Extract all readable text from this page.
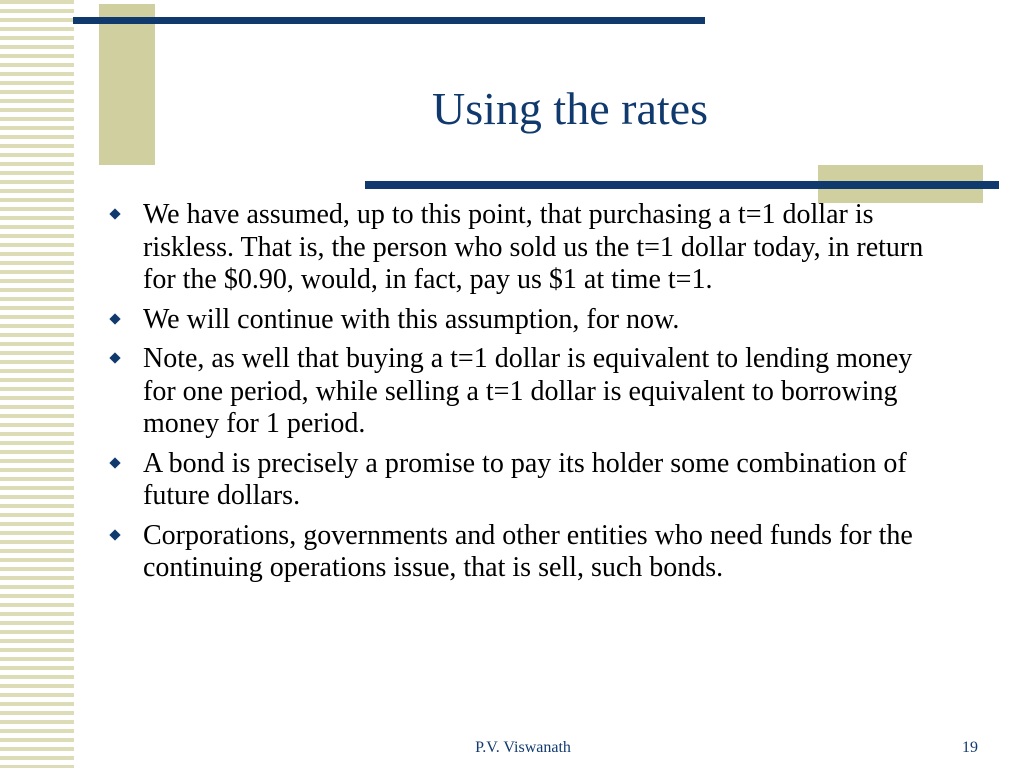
Using the rates
We have assumed, up to this point, that purchasing a t=1 dollar is riskless. That is, the person who sold us the t=1 dollar today, in return for the $0.90, would, in fact, pay us $1 at time t=1.
We will continue with this assumption, for now.
Note, as well that buying a t=1 dollar is equivalent to lending money for one period, while selling a t=1 dollar is equivalent to borrowing money for 1 period.
A bond is precisely a promise to pay its holder some combination of future dollars.
Corporations, governments and other entities who need funds for the continuing operations issue, that is sell, such bonds.
P.V. Viswanath	19
